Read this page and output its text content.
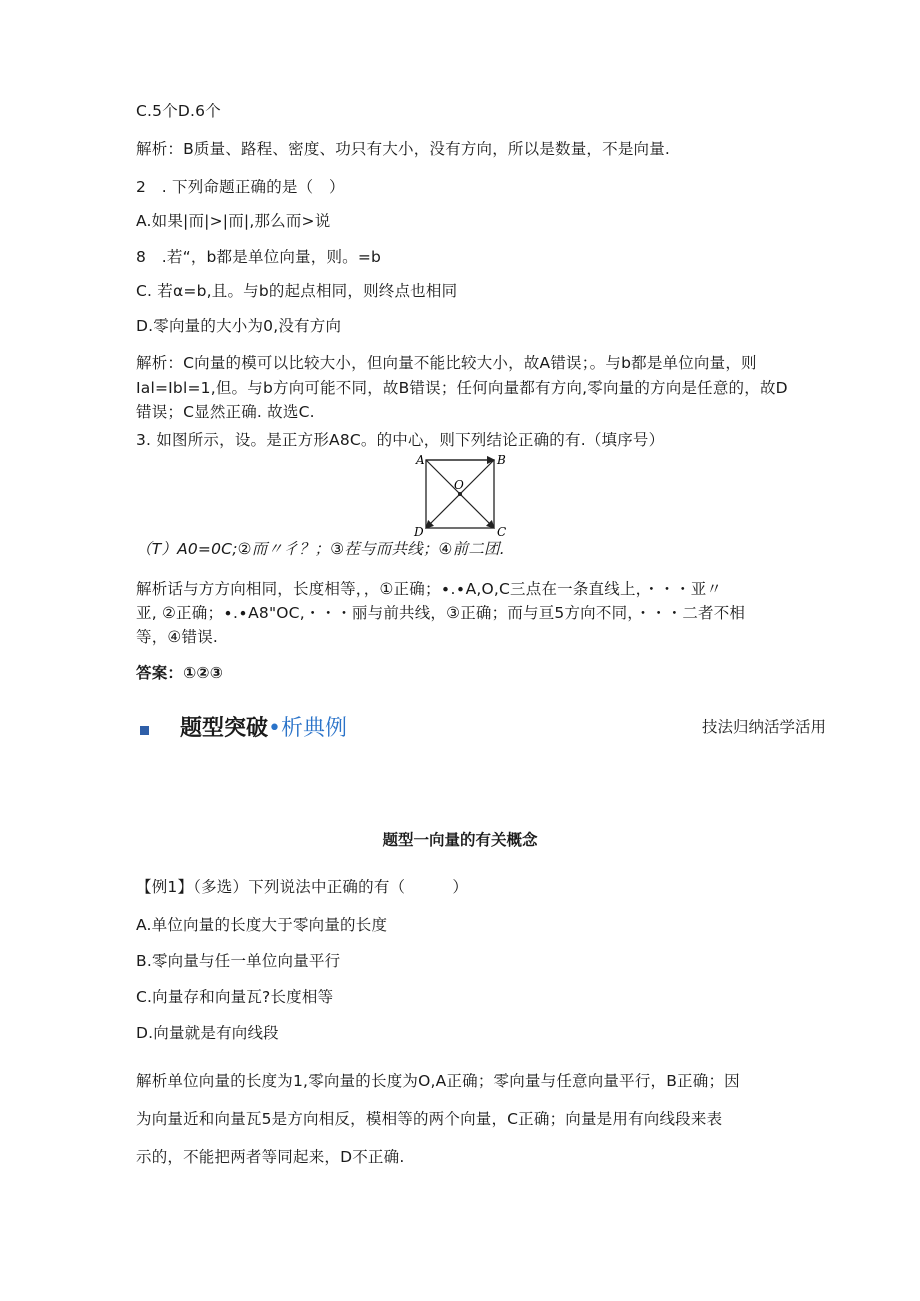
C.5个D.6个
解析：B质量、路程、密度、功只有大小，没有方向，所以是数量，不是向量.
2　. 下列命题正确的是（　）
A.如果|而|>|而|,那么而>说
8　.若“，b都是单位向量，则。=b
C. 若α=b,且。与b的起点相同，则终点也相同
D.零向量的大小为0,没有方向
解析：C向量的模可以比较大小，但向量不能比较大小，故A错误；。与b都是单位向量，则
Ial=Ibl=1,但。与b方向可能不同，故B错误；任何向量都有方向,零向量的方向是任意的，故D
错误；C显然正确. 故选C.
3. 如图所示，设。是正方形A8C。的中心，则下列结论正确的有.（填序号）
A	B
C
D
O
（T）A0=0C;②而〃彳？；③茬与而共线；④前二团.
解析话与方方向相同，长度相等，，①正确；∙.∙A,O,C三点在一条直线上，・・・亚〃
亚, ②正确；∙.∙A8"OC,・・・丽与前共线，③正确；而与亘5方向不同，・・・二者不相
等，④错误.
答案：①②③
题型突破•析典例	技法归纳活学活用
题型一向量的有关概念
【例1】（多选）下列说法中正确的有（　　　）
A.单位向量的长度大于零向量的长度
B.零向量与任一单位向量平行
C.向量存和向量瓦?长度相等
D.向量就是有向线段
解析单位向量的长度为1,零向量的长度为O,A正确；零向量与任意向量平行，B正确；因
为向量近和向量瓦5是方向相反，模相等的两个向量，C正确；向量是用有向线段来表
示的，不能把两者等同起来，D不正确.
